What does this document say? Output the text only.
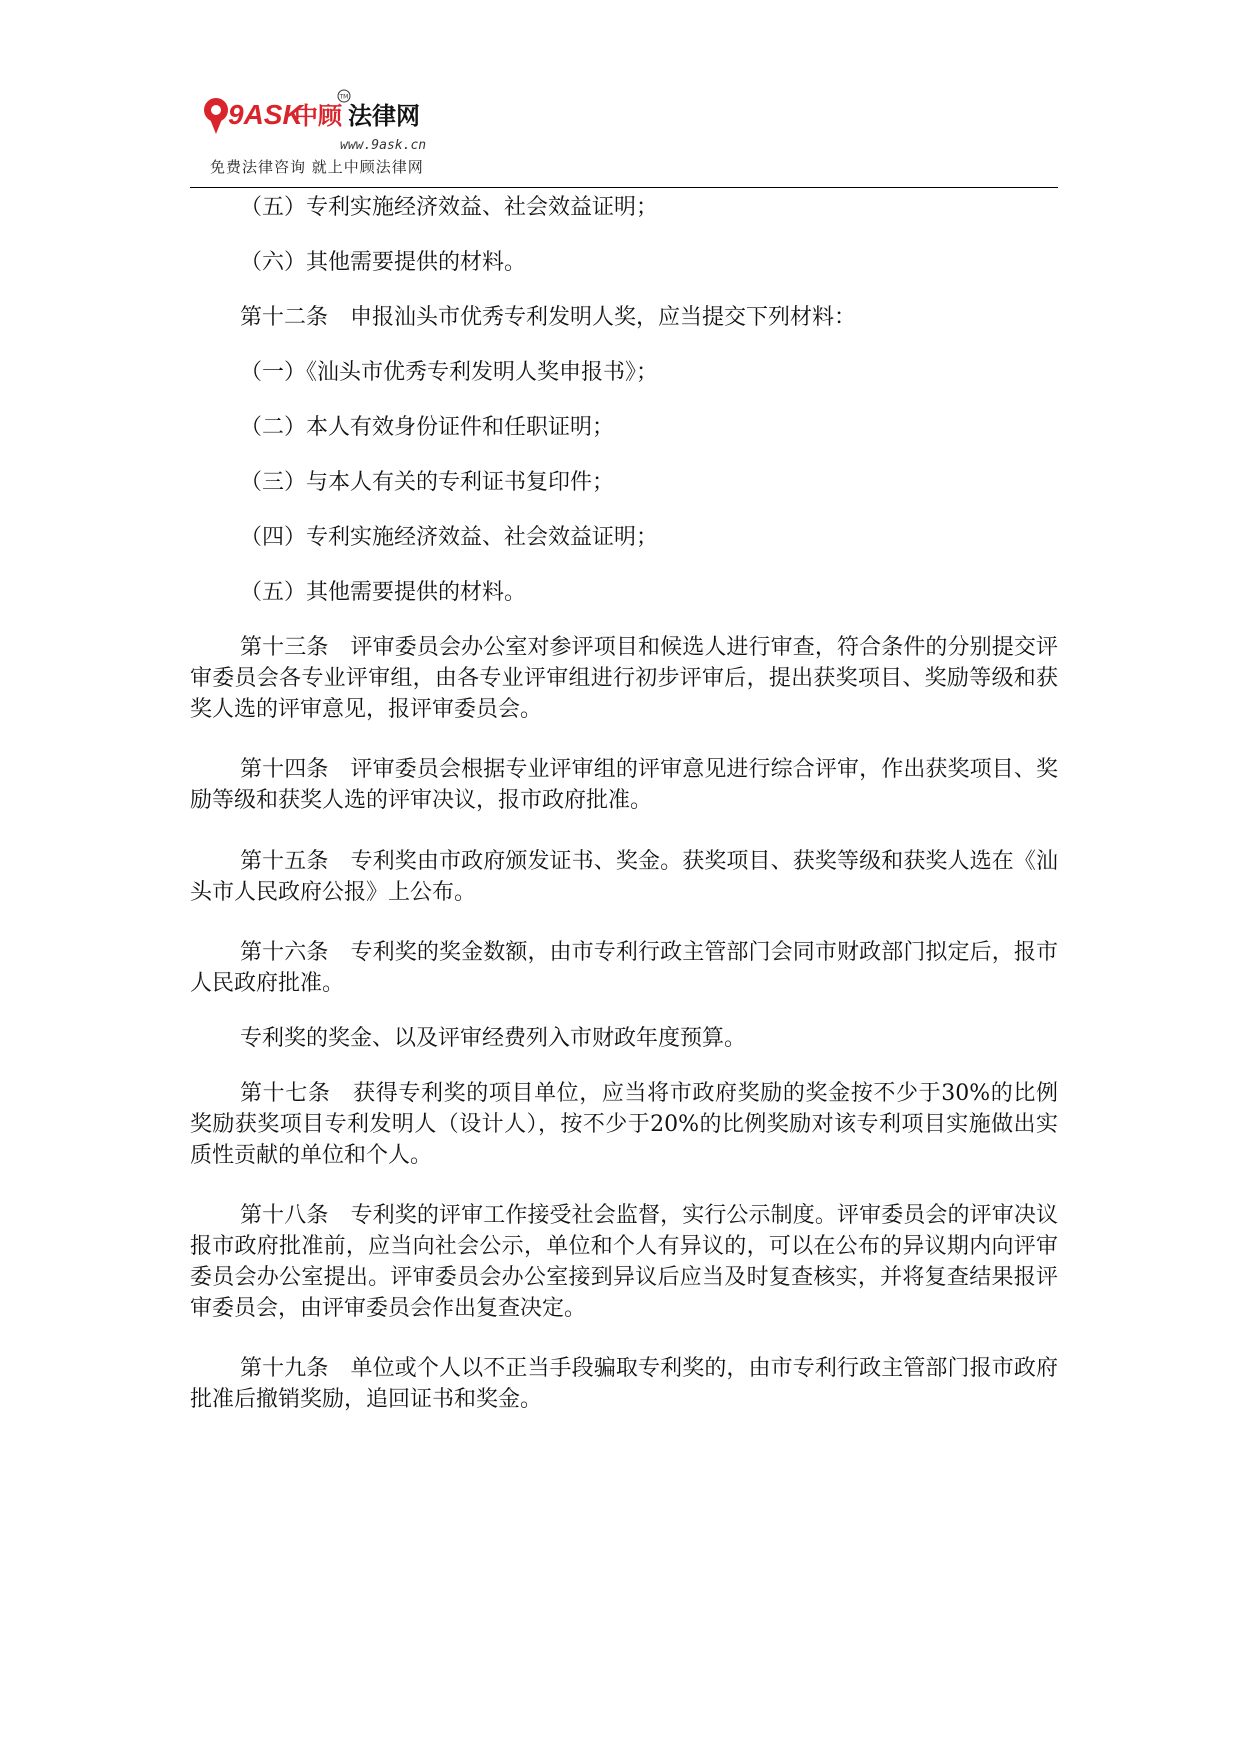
9ASK
中顾 法律网
TM
www.9ask.cn
免费法律咨询 就上中顾法律网

（五）专利实施经济效益、社会效益证明；

（六）其他需要提供的材料。

第十二条　申报汕头市优秀专利发明人奖，应当提交下列材料：

（一）《汕头市优秀专利发明人奖申报书》；

（二）本人有效身份证件和任职证明；

（三）与本人有关的专利证书复印件；

（四）专利实施经济效益、社会效益证明；

（五）其他需要提供的材料。

第十三条　评审委员会办公室对参评项目和候选人进行审查，符合条件的分别提交评审委员会各专业评审组，由各专业评审组进行初步评审后，提出获奖项目、奖励等级和获奖人选的评审意见，报评审委员会。

第十四条　评审委员会根据专业评审组的评审意见进行综合评审，作出获奖项目、奖励等级和获奖人选的评审决议，报市政府批准。

第十五条　专利奖由市政府颁发证书、奖金。获奖项目、获奖等级和获奖人选在《汕头市人民政府公报》上公布。

第十六条　专利奖的奖金数额，由市专利行政主管部门会同市财政部门拟定后，报市人民政府批准。

专利奖的奖金、以及评审经费列入市财政年度预算。

第十七条　获得专利奖的项目单位，应当将市政府奖励的奖金按不少于30%的比例奖励获奖项目专利发明人（设计人），按不少于20%的比例奖励对该专利项目实施做出实质性贡献的单位和个人。

第十八条　专利奖的评审工作接受社会监督，实行公示制度。评审委员会的评审决议报市政府批准前，应当向社会公示，单位和个人有异议的，可以在公布的异议期内向评审委员会办公室提出。评审委员会办公室接到异议后应当及时复查核实，并将复查结果报评审委员会，由评审委员会作出复查决定。

第十九条　单位或个人以不正当手段骗取专利奖的，由市专利行政主管部门报市政府批准后撤销奖励，追回证书和奖金。
